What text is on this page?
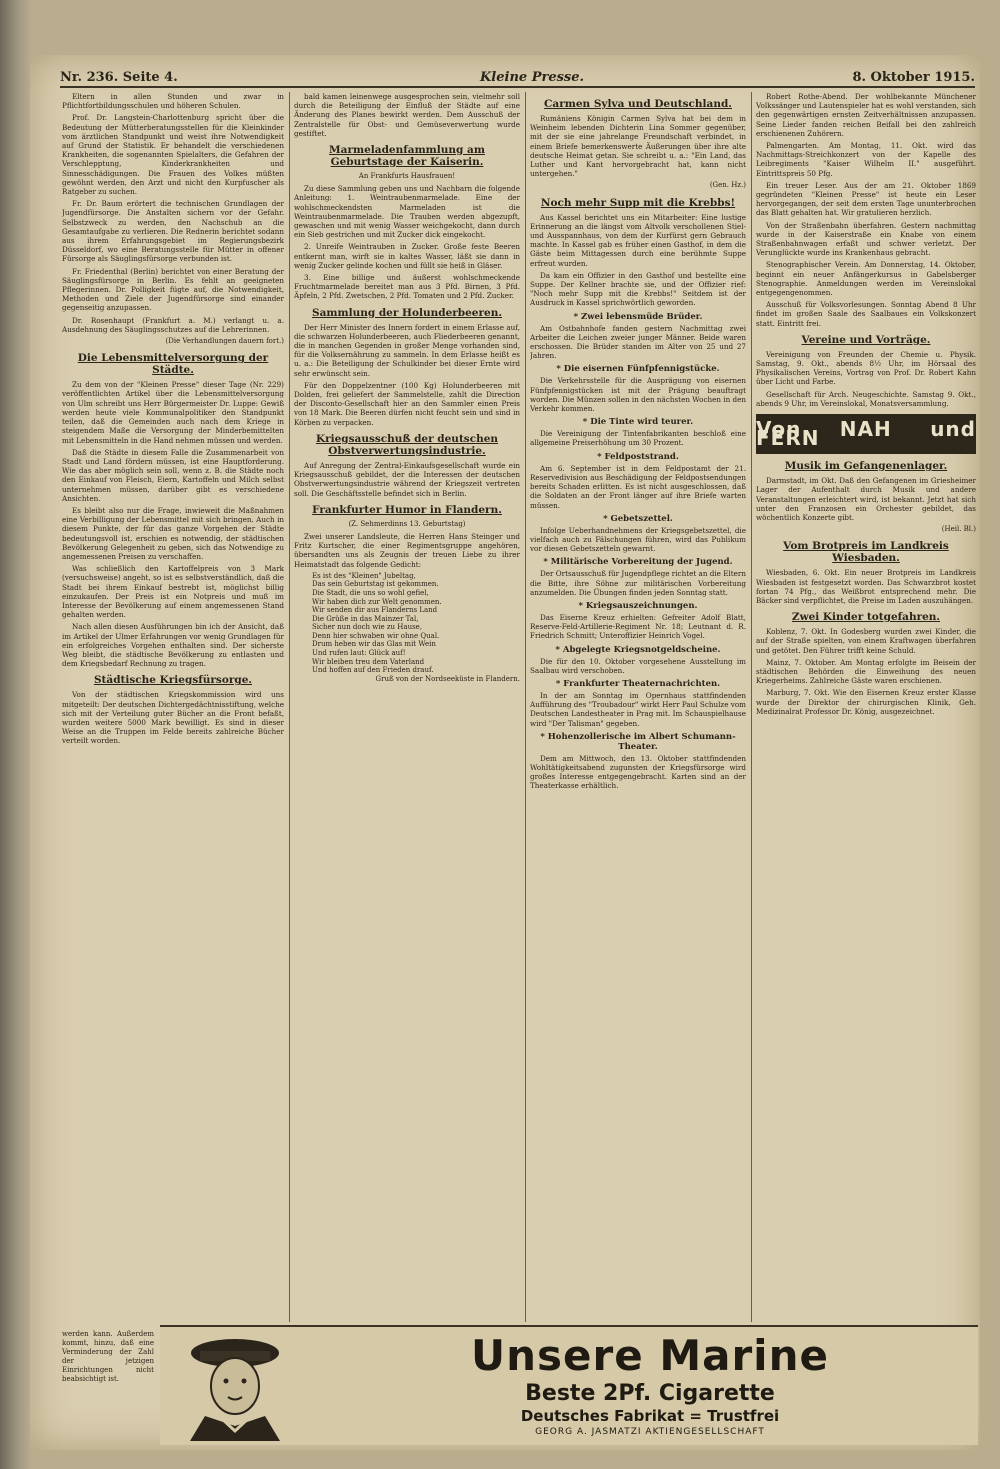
Nr. 236. Seite 4.	Kleine Presse.	8. Oktober 1915.

Eltern in allen Stunden und zwar in Pflichtfortbildungsschulen und höheren Schulen.

Prof. Dr. Langstein-Charlottenburg spricht über die Bedeutung der Mütterberatungsstellen für die Kleinkinder vom ärztlichen Standpunkt und weist ihre Notwendigkeit auf Grund der Statistik. Er behandelt die verschiedenen Krankheiten, die sogenannten Spielalters, die Gefahren der Verschlepptung, Kinderkrankheiten und Sinnesschädigungen. Die Frauen des Volkes müßten gewöhnt werden, den Arzt und nicht den Kurpfuscher als Ratgeber zu suchen.

Fr. Dr. Baum erörtert die technischen Grundlagen der Jugendfürsorge. Die Anstalten sichern vor der Gefahr. Selbstzweck zu werden, den Nachschub an die Gesamtaufgabe zu verlieren. Die Rednerin berichtet sodann aus ihrem Erfahrungsgebiet im Regierungsbezirk Düsseldorf, wo eine Beratungsstelle für Mütter in offener Fürsorge als Säuglingsfürsorge verbunden ist.

Fr. Friedenthal (Berlin) berichtet von einer Beratung der Säuglingsfürsorge in Berlin. Es fehlt an geeigneten Pflegerinnen. Dr. Polligkeit fügte auf, die Notwendigkeit, Methoden und Ziele der Jugendfürsorge sind einander gegenseitig anzupassen.

Dr. Rosenhaupt (Frankfurt a. M.) verlangt u. a. Ausdehnung des Säuglingsschutzes auf die Lehrerinnen.

(Die Verhandlungen dauern fort.)

Die Lebensmittelversorgung der Städte.

Zu dem von der "Kleinen Presse" dieser Tage (Nr. 229) veröffentlichten Artikel über die Lebensmittelversorgung von Ulm schreibt uns Herr Bürgermeister Dr. Luppe: Gewiß werden heute viele Kommunalpolitiker den Standpunkt teilen, daß die Gemeinden auch nach dem Kriege in steigendem Maße die Versorgung der Minderbemittelten mit Lebensmitteln in die Hand nehmen müssen und werden.

Daß die Städte in diesem Falle die Zusammenarbeit von Stadt und Land fördern müssen, ist eine Hauptforderung. Wie das aber möglich sein soll, wenn z. B. die Städte noch den Einkauf von Fleisch, Eiern, Kartoffeln und Milch selbst unternehmen müssen, darüber gibt es verschiedene Ansichten.

Es bleibt also nur die Frage, inwieweit die Maßnahmen eine Verbilligung der Lebensmittel mit sich bringen. Auch in diesem Punkte, der für das ganze Vorgehen der Städte bedeutungsvoll ist, erschien es notwendig, der städtischen Bevölkerung Gelegenheit zu geben, sich das Notwendige zu angemessenen Preisen zu verschaffen.

Was schließlich den Kartoffelpreis von 3 Mark (versuchsweise) angeht, so ist es selbstverständlich, daß die Stadt bei ihrem Einkauf bestrebt ist, möglichst billig einzukaufen. Der Preis ist ein Notpreis und muß im Interesse der Bevölkerung auf einem angemessenen Stand gehalten werden.

Nach allen diesen Ausführungen bin ich der Ansicht, daß im Artikel der Ulmer Erfahrungen vor wenig Grundlagen für ein erfolgreiches Vorgehen enthalten sind. Der sicherste Weg bleibt, die städtische Bevölkerung zu entlasten und dem Kriegsbedarf Rechnung zu tragen.

Städtische Kriegsfürsorge.

Von der städtischen Kriegskommission wird uns mitgeteilt: Der deutschen Dichtergedächtnisstiftung, welche sich mit der Verteilung guter Bücher an die Front befaßt, wurden weitere 5000 Mark bewilligt. Es sind in dieser Weise an die Truppen im Felde bereits zahlreiche Bücher verteilt worden.

bald kamen leinenwege ausgesprochen sein, vielmehr soll durch die Beteiligung der Einfluß der Städte auf eine Änderung des Planes bewirkt werden. Dem Ausschuß der Zentralstelle für Obst- und Gemüseverwertung wurde gestiftet.

Marmeladenfammlung am Geburtstage der Kaiserin.

An Frankfurts Hausfrauen!

Zu diese Sammlung geben uns und Nachbarn die folgende Anleitung: 1. Weintraubenmarmelade. Eine der wohlschmeckendsten Marmeladen ist die Weintraubenmarmelade. Die Trauben werden abgezupft, gewaschen und mit wenig Wasser weichgekocht, dann durch ein Sieb gestrichen und mit Zucker dick eingekocht.

2. Unreife Weintrauben in Zucker. Große feste Beeren entkernt man, wirft sie in kaltes Wasser, läßt sie dann in wenig Zucker gelinde kochen und füllt sie heiß in Gläser.

3. Eine billige und äußerst wohlschmeckende Fruchtmarmelade bereitet man aus 3 Pfd. Birnen, 3 Pfd. Äpfeln, 2 Pfd. Zwetschen, 2 Pfd. Tomaten und 2 Pfd. Zucker.

Sammlung der Holunderbeeren.

Der Herr Minister des Innern fordert in einem Erlasse auf, die schwarzen Holunderbeeren, auch Fliederbeeren genannt, die in manchen Gegenden in großer Menge vorhanden sind, für die Volksernährung zu sammeln. In dem Erlasse heißt es u. a.: Die Beteiligung der Schulkinder bei dieser Ernte wird sehr erwünscht sein.

Für den Doppelzentner (100 Kg) Holunderbeeren mit Dolden, frei geliefert der Sammelstelle, zahlt die Direction der Disconto-Gesellschaft hier an den Sammler einen Preis von 18 Mark. Die Beeren dürfen nicht feucht sein und sind in Körben zu verpacken.

Kriegsausschuß der deutschen Obstverwertungsindustrie.

Auf Anregung der Zentral-Einkaufsgesellschaft wurde ein Kriegsausschuß gebildet, der die Interessen der deutschen Obstverwertungsindustrie während der Kriegszeit vertreten soll. Die Geschäftsstelle befindet sich in Berlin.

Frankfurter Humor in Flandern.

(Z. Sehmerdinns 13. Geburtstag)

Zwei unserer Landsleute, die Herren Hans Steinger und Fritz Kurtscher, die einer Regimentsgruppe angehören, übersandten uns als Zeugnis der treuen Liebe zu ihrer Heimatstadt das folgende Gedicht:

Es ist des "Kleinen" Jubeltag,
Das sein Geburtstag ist gekommen.
Die Stadt, die uns so wohl gefiel,
Wir haben dich zur Welt genommen.
Wir senden dir aus Flanderns Land
Die Grüße in das Mainzer Tal,
Sicher nun doch wie zu Hause,
Denn hier schwaben wir ohne Qual.
Drum heben wir das Glas mit Wein
Und rufen laut: Glück auf!
Wir bleiben treu dem Vaterland
Und hoffen auf den Frieden drauf.

Gruß von der Nordseeküste in Flandern.

Carmen Sylva und Deutschland.

Rumäniens Königin Carmen Sylva hat bei dem in Weinheim lebenden Dichterin Lina Sommer gegenüber, mit der sie eine jahrelange Freundschaft verbindet, in einem Briefe bemerkenswerte Äußerungen über ihre alte deutsche Heimat getan. Sie schreibt u. a.: "Ein Land, das Luther und Kant hervorgebracht hat, kann nicht untergehen."

(Gen. Hz.)

Noch mehr Supp mit die Krebbs!

Aus Kassel berichtet uns ein Mitarbeiter: Eine lustige Erinnerung an die längst vom Altvolk verschollenen Stiel- und Ausspannhaus, von dem der Kurfürst gern Gebrauch machte. In Kassel gab es früher einen Gasthof, in dem die Gäste beim Mittagessen durch eine berühmte Suppe erfreut wurden.

Da kam ein Offizier in den Gasthof und bestellte eine Suppe. Der Kellner brachte sie, und der Offizier rief: "Noch mehr Supp mit die Krebbs!" Seitdem ist der Ausdruck in Kassel sprichwörtlich geworden.

* Zwei lebensmüde Brüder.

Am Ostbahnhofe fanden gestern Nachmittag zwei Arbeiter die Leichen zweier junger Männer. Beide waren erschossen. Die Brüder standen im Alter von 25 und 27 Jahren.

* Die eisernen Fünfpfennigstücke.

Die Verkehrsstelle für die Ausprägung von eisernen Fünfpfennigstücken ist mit der Prägung beauftragt worden. Die Münzen sollen in den nächsten Wochen in den Verkehr kommen.

* Die Tinte wird teurer.

Die Vereinigung der Tintenfabrikanten beschloß eine allgemeine Preiserhöhung um 30 Prozent.

* Feldpoststrand.

Am 6. September ist in dem Feldpostamt der 21. Reservedivision aus Beschädigung der Feldpostsendungen bereits Schaden erlitten. Es ist nicht ausgeschlossen, daß die Soldaten an der Front länger auf ihre Briefe warten müssen.

* Gebetszettel.

Infolge Ueberhandnehmens der Kriegsgebetszettel, die vielfach auch zu Fälschungen führen, wird das Publikum vor diesen Gebetszetteln gewarnt.

* Militärische Vorbereitung der Jugend.

Der Ortsausschuß für Jugendpflege richtet an die Eltern die Bitte, ihre Söhne zur militärischen Vorbereitung anzumelden. Die Übungen finden jeden Sonntag statt.

* Kriegsauszeichnungen.

Das Eiserne Kreuz erhielten: Gefreiter Adolf Blatt, Reserve-Feld-Artillerie-Regiment Nr. 18; Leutnant d. R. Friedrich Schmitt; Unteroffizier Heinrich Vogel.

* Abgelegte Kriegsnotgeldscheine.

Die für den 10. Oktober vorgesehene Ausstellung im Saalbau wird verschoben.

* Frankfurter Theaternachrichten.

In der am Sonntag im Opernhaus stattfindenden Aufführung des "Troubadour" wirkt Herr Paul Schulze vom Deutschen Landestheater in Prag mit. Im Schauspielhause wird "Der Talisman" gegeben.

* Hohenzollerische im Albert Schumann-Theater.

Dem am Mittwoch, den 13. Oktober stattfindenden Wohltätigkeitsabend zugunsten der Kriegsfürsorge wird großes Interesse entgegengebracht. Karten sind an der Theaterkasse erhältlich.

Robert Rothe-Abend. Der wohlbekannte Münchener Volkssänger und Lautenspieler hat es wohl verstanden, sich den gegenwärtigen ernsten Zeitverhältnissen anzupassen. Seine Lieder fanden reichen Beifall bei den zahlreich erschienenen Zuhörern.

Palmengarten. Am Montag, 11. Okt. wird das Nachmittags-Streichkonzert von der Kapelle des Leibregiments "Kaiser Wilhelm II." ausgeführt. Eintrittspreis 50 Pfg.

Ein treuer Leser. Aus der am 21. Oktober 1869 gegründeten "Kleinen Presse" ist heute ein Leser hervorgegangen, der seit dem ersten Tage ununterbrochen das Blatt gehalten hat. Wir gratulieren herzlich.

Von der Straßenbahn überfahren. Gestern nachmittag wurde in der Kaiserstraße ein Knabe von einem Straßenbahnwagen erfaßt und schwer verletzt. Der Verunglückte wurde ins Krankenhaus gebracht.

Stenographischer Verein. Am Donnerstag, 14. Oktober, beginnt ein neuer Anfängerkursus in Gabelsberger Stenographie. Anmeldungen werden im Vereinslokal entgegengenommen.

Ausschuß für Volksvorlesungen. Sonntag Abend 8 Uhr findet im großen Saale des Saalbaues ein Volkskonzert statt. Eintritt frei.

Vereine und Vorträge.

Vereinigung von Freunden der Chemie u. Physik. Samstag, 9. Okt., abends 8½ Uhr, im Hörsaal des Physikalischen Vereins, Vortrag von Prof. Dr. Robert Kahn über Licht und Farbe.

Gesellschaft für Arch. Neugeschichte. Samstag 9. Okt., abends 9 Uhr, im Vereinslokal, Monatsversammlung.

Von NAH und FERN
Musik im Gefangenenlager.

Darmstadt, im Okt. Daß den Gefangenen im Griesheimer Lager der Aufenthalt durch Musik und andere Veranstaltungen erleichtert wird, ist bekannt. Jetzt hat sich unter den Franzosen ein Orchester gebildet, das wöchentlich Konzerte gibt.

(Heil. Bl.)

Vom Brotpreis im Landkreis Wiesbaden.

Wiesbaden, 6. Okt. Ein neuer Brotpreis im Landkreis Wiesbaden ist festgesetzt worden. Das Schwarzbrot kostet fortan 74 Pfg., das Weißbrot entsprechend mehr. Die Bäcker sind verpflichtet, die Preise im Laden auszuhängen.

Zwei Kinder totgefahren.

Koblenz, 7. Okt. In Godesberg wurden zwei Kinder, die auf der Straße spielten, von einem Kraftwagen überfahren und getötet. Den Führer trifft keine Schuld.

Mainz, 7. Oktober. Am Montag erfolgte im Beisein der städtischen Behörden die Einweihung des neuen Kriegerheims. Zahlreiche Gäste waren erschienen.

Marburg, 7. Okt. Wie den Eisernen Kreuz erster Klasse wurde der Direktor der chirurgischen Klinik, Geh. Medizinalrat Professor Dr. König, ausgezeichnet.

werden kann. Außerdem kommt, hinzu, daß eine Verminderung der Zahl der jetzigen Einrichtungen nicht beabsichtigt ist.	Unsere Marine
Beste 2Pf. Cigarette
Deutsches Fabrikat = Trustfrei
GEORG A. JASMATZI AKTIENGESELLSCHAFT
